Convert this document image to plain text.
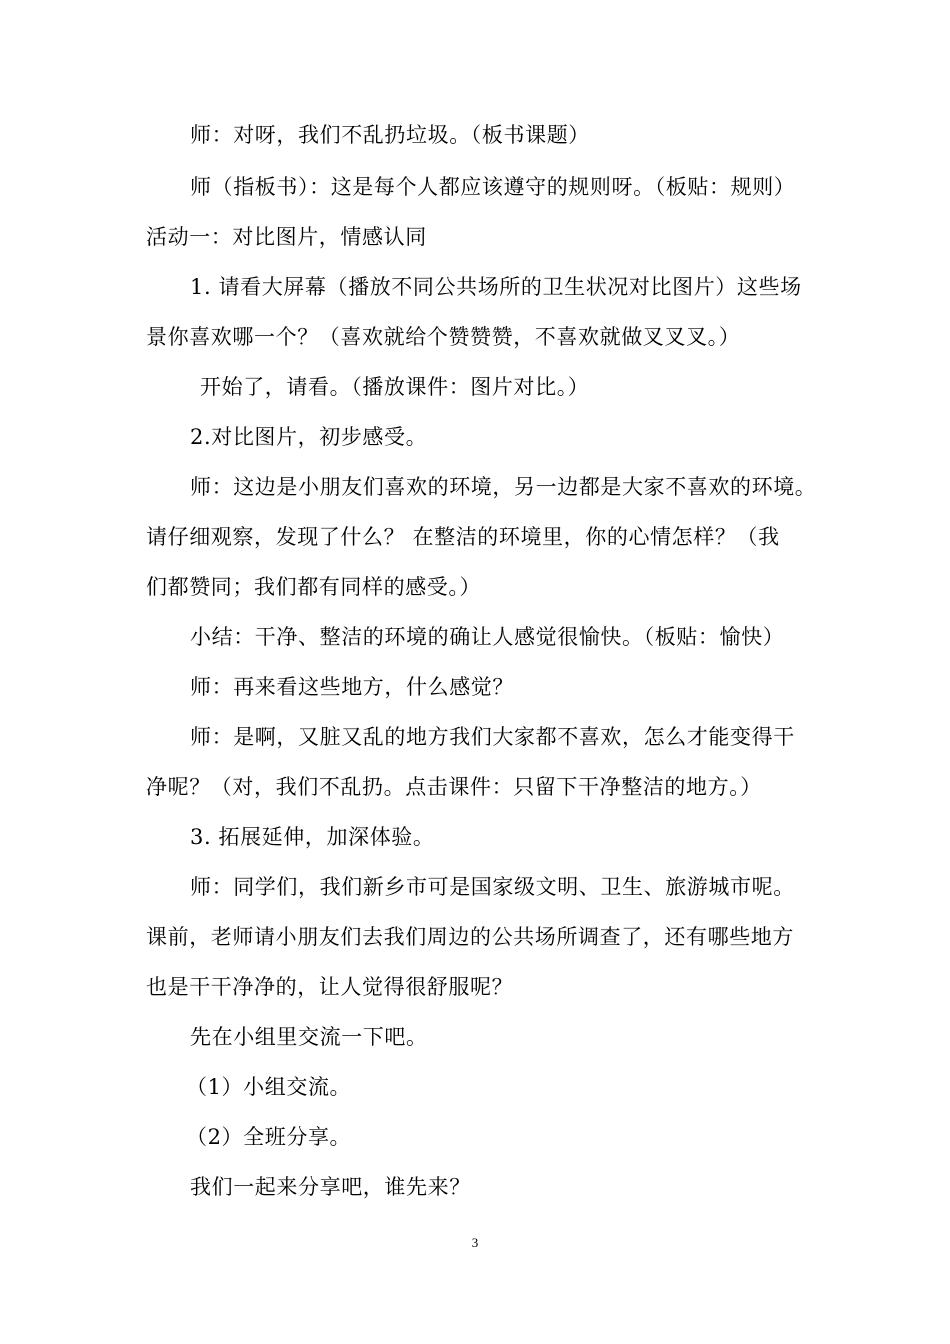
师：对呀，我们不乱扔垃圾。（板书课题）

师（指板书）：这是每个人都应该遵守的规则呀。（板贴：规则）

活动一：对比图片，情感认同

1. 请看大屏幕（播放不同公共场所的卫生状况对比图片）这些场

景你喜欢哪一个？（喜欢就给个赞赞赞，不喜欢就做叉叉叉。）

开始了，请看。（播放课件：图片对比。）

2.对比图片，初步感受。

师：这边是小朋友们喜欢的环境，另一边都是大家不喜欢的环境。

请仔细观察，发现了什么？ 在整洁的环境里，你的心情怎样？（我

们都赞同；我们都有同样的感受。）

小结：干净、整洁的环境的确让人感觉很愉快。（板贴：愉快）

师：再来看这些地方，什么感觉？

师：是啊，又脏又乱的地方我们大家都不喜欢，怎么才能变得干

净呢？（对，我们不乱扔。点击课件：只留下干净整洁的地方。）

3. 拓展延伸，加深体验。

师：同学们，我们新乡市可是国家级文明、卫生、旅游城市呢。

课前，老师请小朋友们去我们周边的公共场所调查了，还有哪些地方

也是干干净净的，让人觉得很舒服呢？

先在小组里交流一下吧。

（1）小组交流。

（2）全班分享。

我们一起来分享吧，谁先来？

3
